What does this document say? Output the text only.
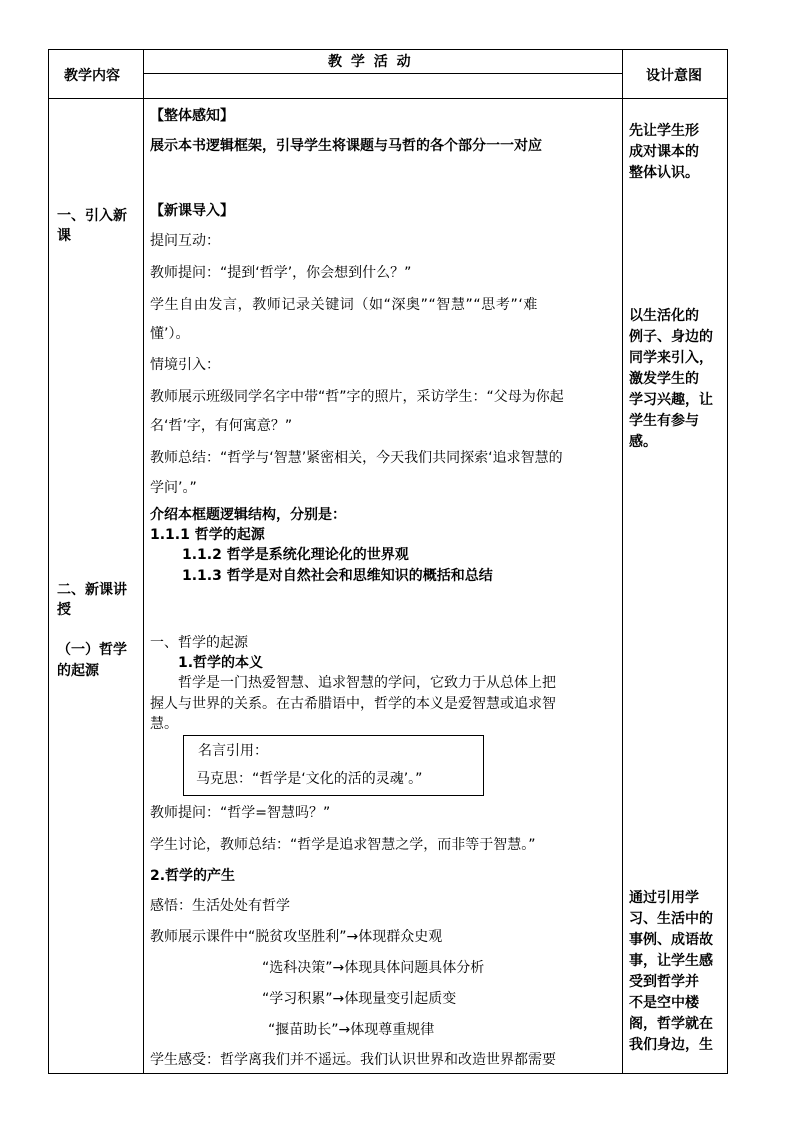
教学内容
教 学 活 动
设计意图
一、引入新
课
二、新课讲
授
（一）哲学
的起源
【整体感知】
展示本书逻辑框架，引导学生将课题与马哲的各个部分一一对应
【新课导入】
提问互动：
教师提问：“提到‘哲学’，你会想到什么？”
学生自由发言，教师记录关键词（如“深奥”“智慧”“思考”‘难
懂’）。
情境引入：
教师展示班级同学名字中带“哲”字的照片，采访学生：“父母为你起
名‘哲’字，有何寓意？”
教师总结：“哲学与‘智慧’紧密相关，今天我们共同探索‘追求智慧的
学问’。”
介绍本框题逻辑结构，分别是：
1.1.1 哲学的起源
1.1.2 哲学是系统化理论化的世界观
1.1.3 哲学是对自然社会和思维知识的概括和总结
一、哲学的起源
1.哲学的本义
哲学是一门热爱智慧、追求智慧的学问，它致力于从总体上把
握人与世界的关系。在古希腊语中，哲学的本义是爱智慧或追求智
慧。
名言引用：
马克思：“哲学是‘文化的活的灵魂’。”
教师提问：“哲学=智慧吗？”
学生讨论，教师总结：“哲学是追求智慧之学，而非等于智慧。”
2.哲学的产生
感悟：生活处处有哲学
教师展示课件中“脱贫攻坚胜利”→体现群众史观
“选科决策”→体现具体问题具体分析
“学习积累”→体现量变引起质变
“揠苗助长”→体现尊重规律
学生感受：哲学离我们并不遥远。我们认识世界和改造世界都需要
先让学生形
成对课本的
整体认识。
以生活化的
例子、身边的
同学来引入，
激发学生的
学习兴趣，让
学生有参与
感。
通过引用学
习、生活中的
事例、成语故
事，让学生感
受到哲学并
不是空中楼
阁，哲学就在
我们身边，生
